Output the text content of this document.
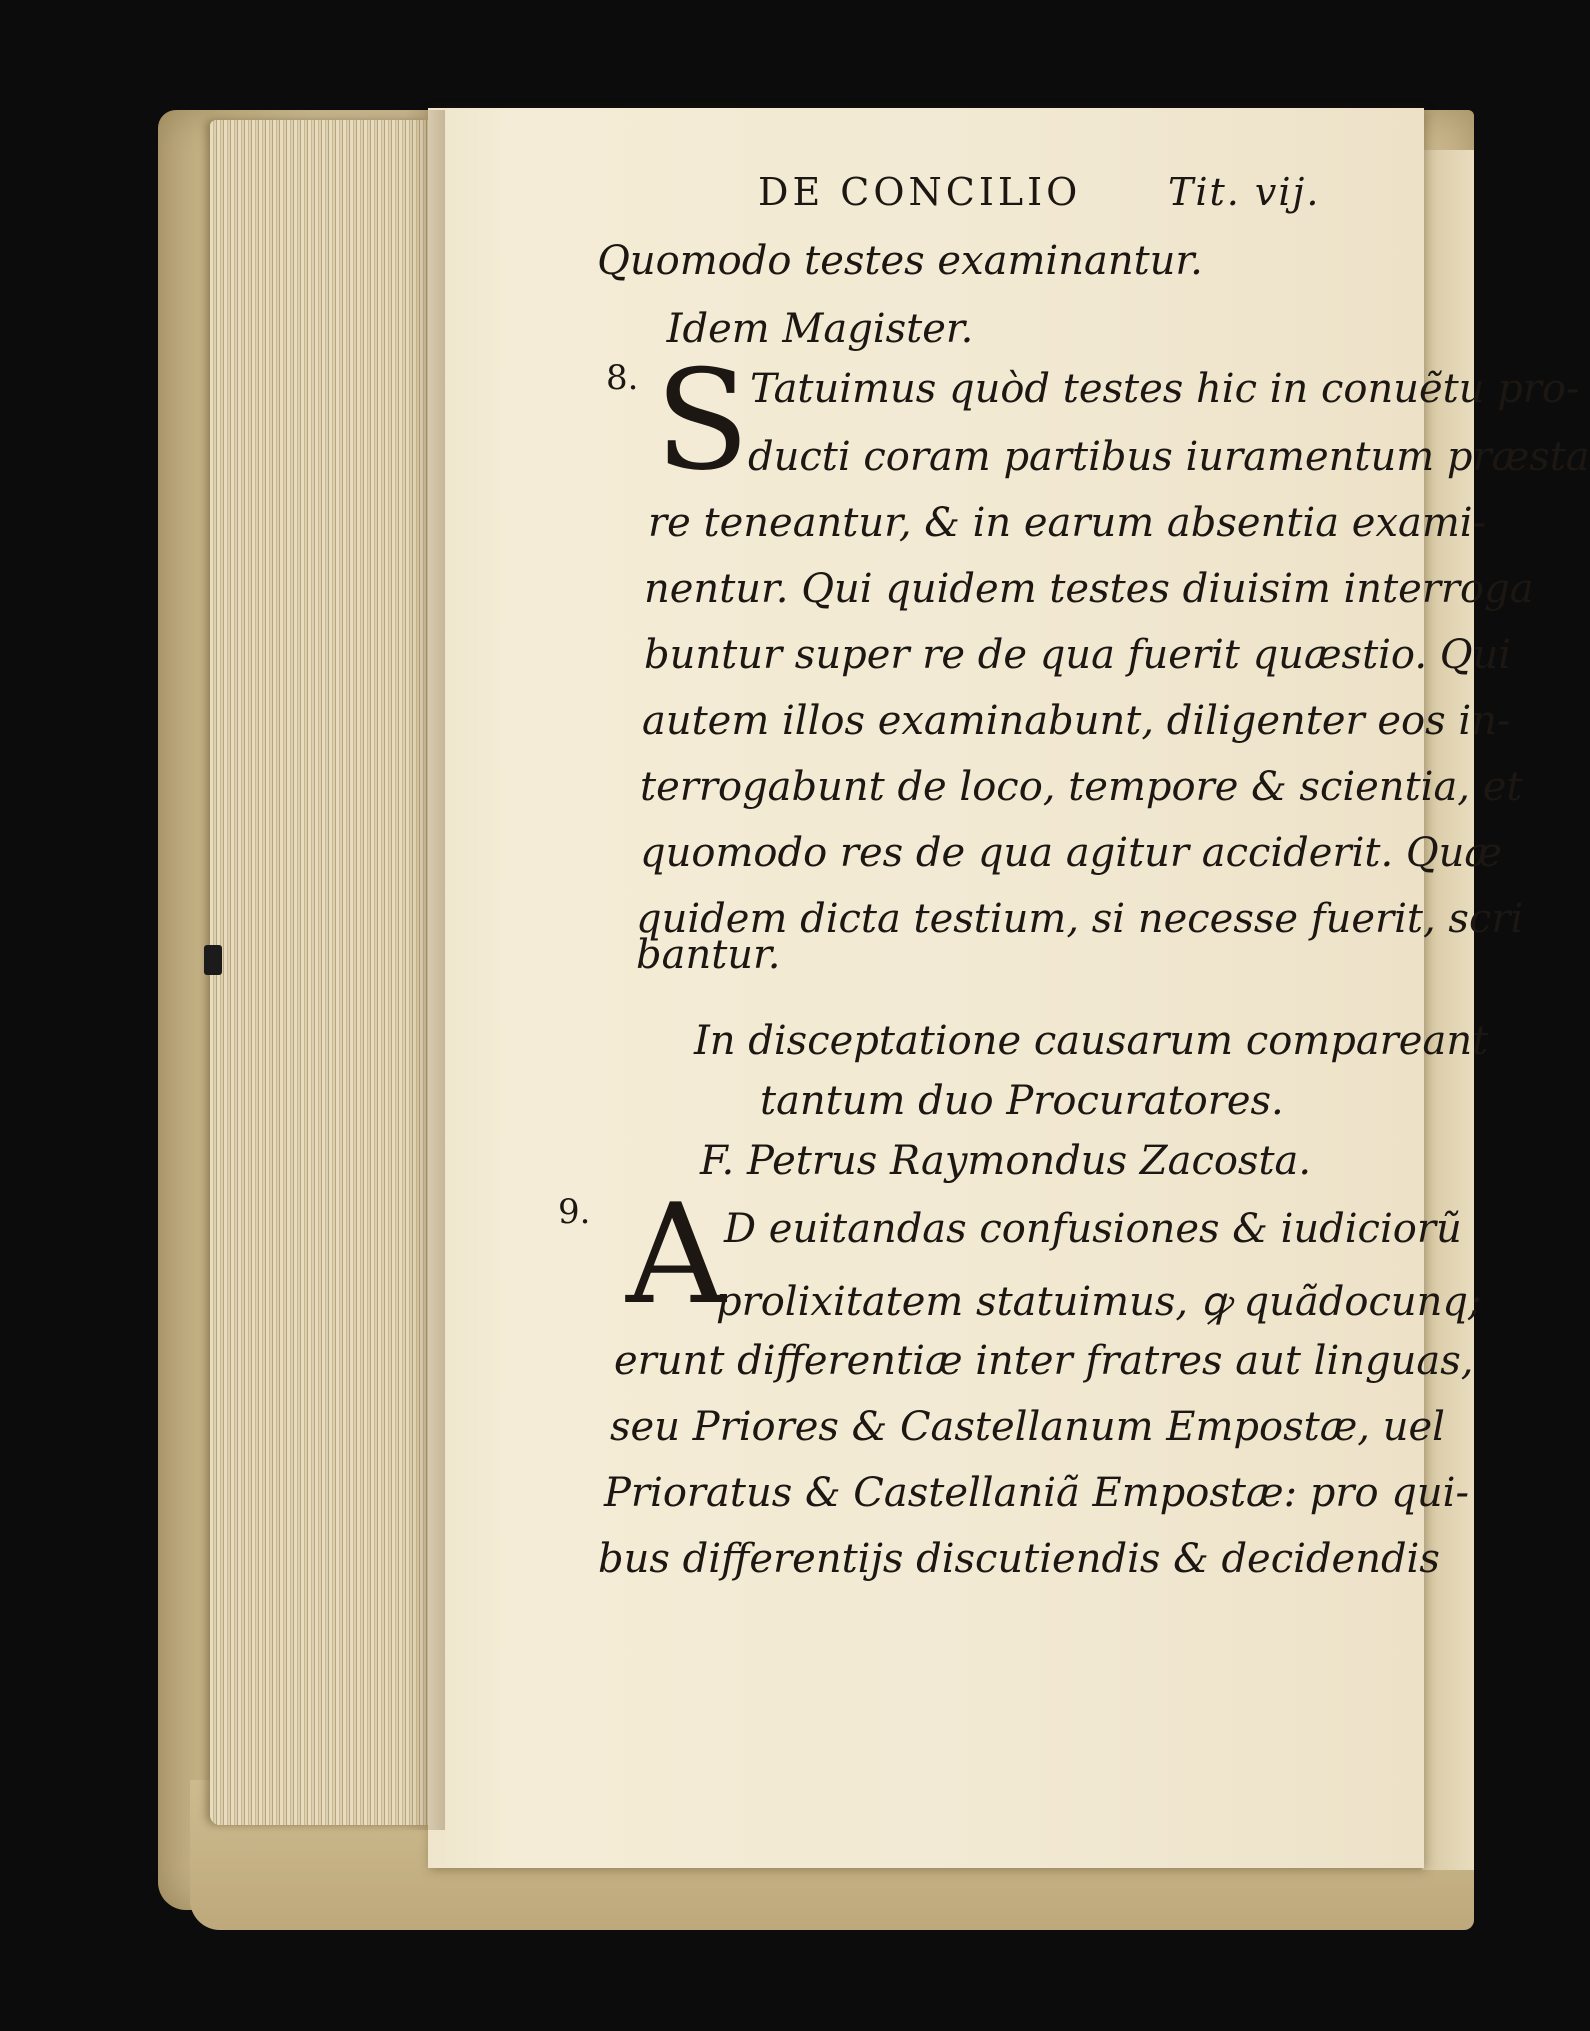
DE CONCILIO Tit. vij.
Quomodo testes examinantur.
Idem Magister.
8. S Tatuimus quòd testes hic in conuẽtu pro-
ducti coram partibus iuramentum præsta
re teneantur, & in earum absentia exami-
nentur. Qui quidem testes diuisim interroga
buntur super re de qua fuerit quæstio. Qui
autem illos examinabunt, diligenter eos in-
terrogabunt de loco, tempore & scientia, et
quomodo res de qua agitur acciderit. Quæ
quidem dicta testium, si necesse fuerit, scri
bantur.
In disceptatione causarum compareant
tantum duo Procuratores.
F. Petrus Raymondus Zacosta.
9. A
D euitandas confusiones & iudiciorũ
prolixitatem statuimus, ꝙ quãdocunq;
erunt differentiæ inter fratres aut linguas,
seu Priores & Castellanum Empostæ, uel
Prioratus & Castellaniã Empostæ: pro qui-
bus differentijs discutiendis & decidendis
